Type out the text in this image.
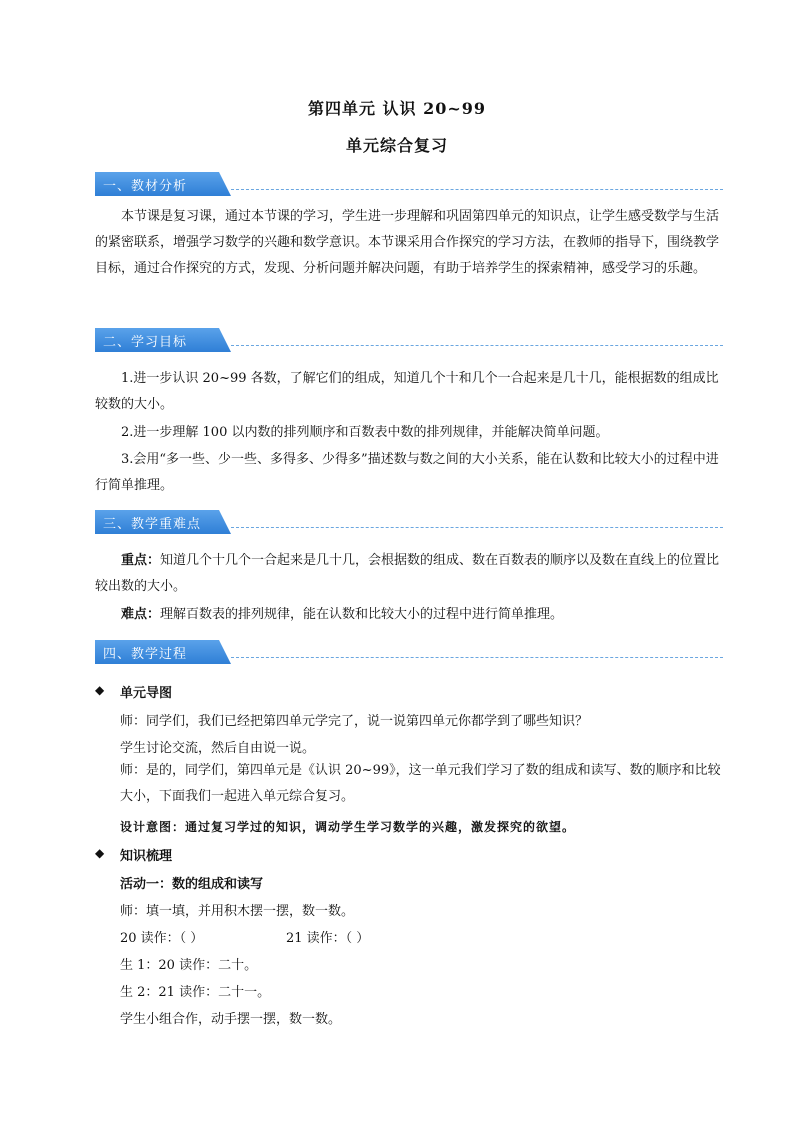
第四单元 认识 20~99
单元综合复习
一、教材分析
本节课是复习课，通过本节课的学习，学生进一步理解和巩固第四单元的知识点，让学生感受数学与生活的紧密联系，增强学习数学的兴趣和数学意识。本节课采用合作探究的学习方法，在教师的指导下，围绕教学目标，通过合作探究的方式，发现、分析问题并解决问题，有助于培养学生的探索精神，感受学习的乐趣。
二、学习目标
1.进一步认识 20~99 各数，了解它们的组成，知道几个十和几个一合起来是几十几，能根据数的组成比较数的大小。
2.进一步理解 100 以内数的排列顺序和百数表中数的排列规律，并能解决简单问题。
3.会用“多一些、少一些、多得多、少得多”描述数与数之间的大小关系，能在认数和比较大小的过程中进行简单推理。
三、教学重难点
重点：知道几个十几个一合起来是几十几，会根据数的组成、数在百数表的顺序以及数在直线上的位置比较出数的大小。
难点：理解百数表的排列规律，能在认数和比较大小的过程中进行简单推理。
四、教学过程
◆ 单元导图
师：同学们，我们已经把第四单元学完了，说一说第四单元你都学到了哪些知识？
学生讨论交流，然后自由说一说。
师：是的，同学们，第四单元是《认识 20~99》，这一单元我们学习了数的组成和读写、数的顺序和比较大小，下面我们一起进入单元综合复习。
设计意图：通过复习学过的知识，调动学生学习数学的兴趣，激发探究的欲望。
◆ 知识梳理
活动一：数的组成和读写
师：填一填，并用积木摆一摆，数一数。
20 读作：（ ）	21 读作：（ ）
生 1：20 读作：二十。
生 2：21 读作：二十一。
学生小组合作，动手摆一摆，数一数。
